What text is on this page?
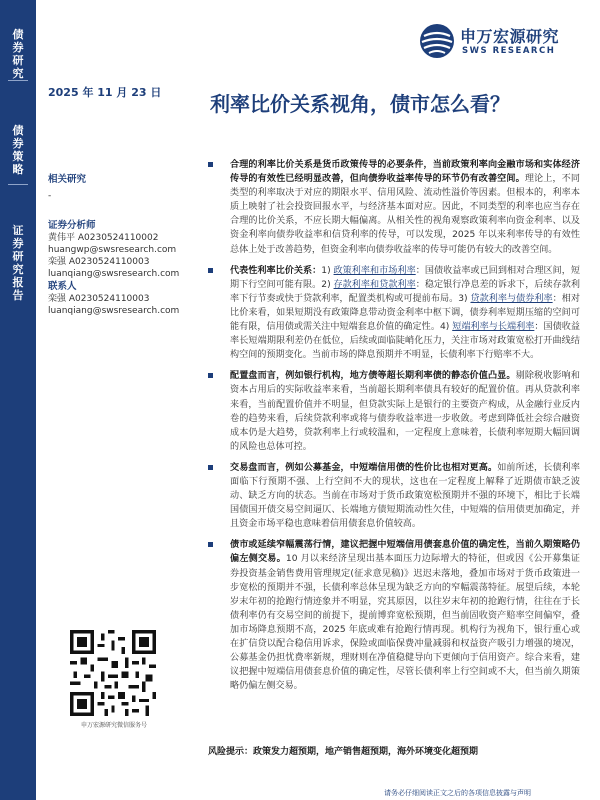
债券研究
债券策略
证券研究报告
申万宏源研究
SWS RESEARCH
2025 年 11 月 23 日 利率比价关系视角，债市怎么看？
相关研究
-
证券分析师
黄伟平 A0230524110002
huangwp@swsresearch.com
栾强 A0230524110003
luanqiang@swsresearch.com
联系人
栾强 A0230524110003
luanqiang@swsresearch.com
申万宏源研究微信服务号
合理的利率比价关系是货币政策传导的必要条件，当前政策利率向金融市场和实体经济传导的有效性已经明显改善，但向债券收益率传导的环节仍有改善空间。理论上，不同类型的利率取决于对应的期限水平、信用风险、流动性溢价等因素。但根本的，利率本质上映射了社会投资回报水平，与经济基本面对应。因此，不同类型的利率也应当存在合理的比价关系，不应长期大幅偏离。从相关性的视角观察政策利率向资金利率、以及资金利率向债券收益率和信贷利率的传导，可以发现，2025 年以来利率传导的有效性总体上处于改善趋势，但资金利率向债券收益率的传导可能仍有较大的改善空间。
代表性利率比价关系：1) 政策利率和市场利率：国债收益率或已回到相对合理区间，短期下行空间可能有限。2) 存款利率和贷款利率：稳定银行净息差的诉求下，后续存款利率下行节奏或快于贷款利率，配置类机构或可提前布局。3) 贷款利率与债券利率：相对比价来看，如果短期没有政策降息带动资金利率中枢下调，债券利率短期压缩的空间可能有限，信用债或需关注中短端套息价值的确定性。4) 短端利率与长端利率：国债收益率长短端期限利差仍在低位，后续或面临陡峭化压力，关注市场对政策宽松打开曲线结构空间的预期变化。当前市场的降息预期并不明显，长债利率下行赔率不大。
配置盘而言，例如银行机构，地方债等超长期利率债的静态价值凸显。剔除税收影响和资本占用后的实际收益率来看，当前超长期利率债具有较好的配置价值。再从贷款利率来看，当前配置价值并不明显，但贷款实际上是银行的主要资产构成，从金融行业反内卷的趋势来看，后续贷款利率或将与债券收益率进一步收敛。考虑到降低社会综合融资成本仍是大趋势，贷款利率上行或较温和，一定程度上意味着，长债利率短期大幅回调的风险也总体可控。
交易盘而言，例如公募基金，中短端信用债的性价比也相对更高。如前所述，长债利率面临下行预期不强、上行空间不大的现状，这也在一定程度上解释了近期债市缺乏波动、缺乏方向的状态。当前在市场对于货币政策宽松预期并不强的环境下，相比于长端国债国开债交易空间逼仄、长端地方债短期流动性欠佳，中短端的信用债更加确定，并且资金市场平稳也意味着信用债套息价值较高。
债市或延续窄幅震荡行情，建议把握中短端信用债套息价值的确定性，当前久期策略仍偏左侧交易。10 月以来经济呈现出基本面压力边际增大的特征，但或因《公开募集证券投资基金销售费用管理规定(征求意见稿)》迟迟未落地，叠加市场对于货币政策进一步宽松的预期并不强，长债利率总体呈现为缺乏方向的窄幅震荡特征。展望后续，本轮岁末年初的抢跑行情迹象并不明显，究其原因，以往岁末年初的抢跑行情，往往在于长债利率仍有交易空间的前提下，提前博弈宽松预期，但当前固收资产赔率空间偏窄，叠加市场降息预期不高，2025 年底或难有抢跑行情再现。机构行为视角下，银行重心或在扩信贷以配合稳信用诉求，保险或面临保费冲量减弱和权益资产吸引力增强的境况，公募基金仍担忧费率新规，理财则在净值稳健导向下更倾向于信用资产。综合来看，建议把握中短端信用债套息价值的确定性，尽管长债利率上行空间或不大，但当前久期策略仍偏左侧交易。
风险提示：政策发力超预期，地产销售超预期，海外环境变化超预期
请务必仔细阅读正文之后的各项信息披露与声明
